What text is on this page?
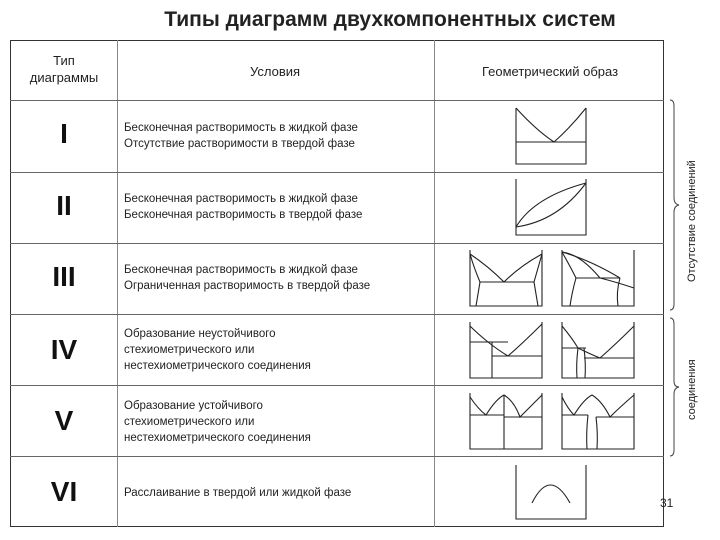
Типы диаграмм двухкомпонентных систем
Тип диаграммы	Условия	Геометрический образ
I	Бесконечная растворимость в жидкой фазе
Отсутствие растворимости в твердой фазе
II	Бесконечная растворимость в жидкой фазе
Бесконечная растворимость в твердой фазе
III	Бесконечная растворимость в жидкой фазе
Ограниченная растворимость в твердой фазе
IV	Образование неустойчивого
стехиометрического или
нестехиометрического соединения
V	Образование устойчивого
стехиометрического или
нестехиометрического соединения
VI	Расслаивание в твердой или жидкой фазе
Отсутствие соединений
соединения
31
